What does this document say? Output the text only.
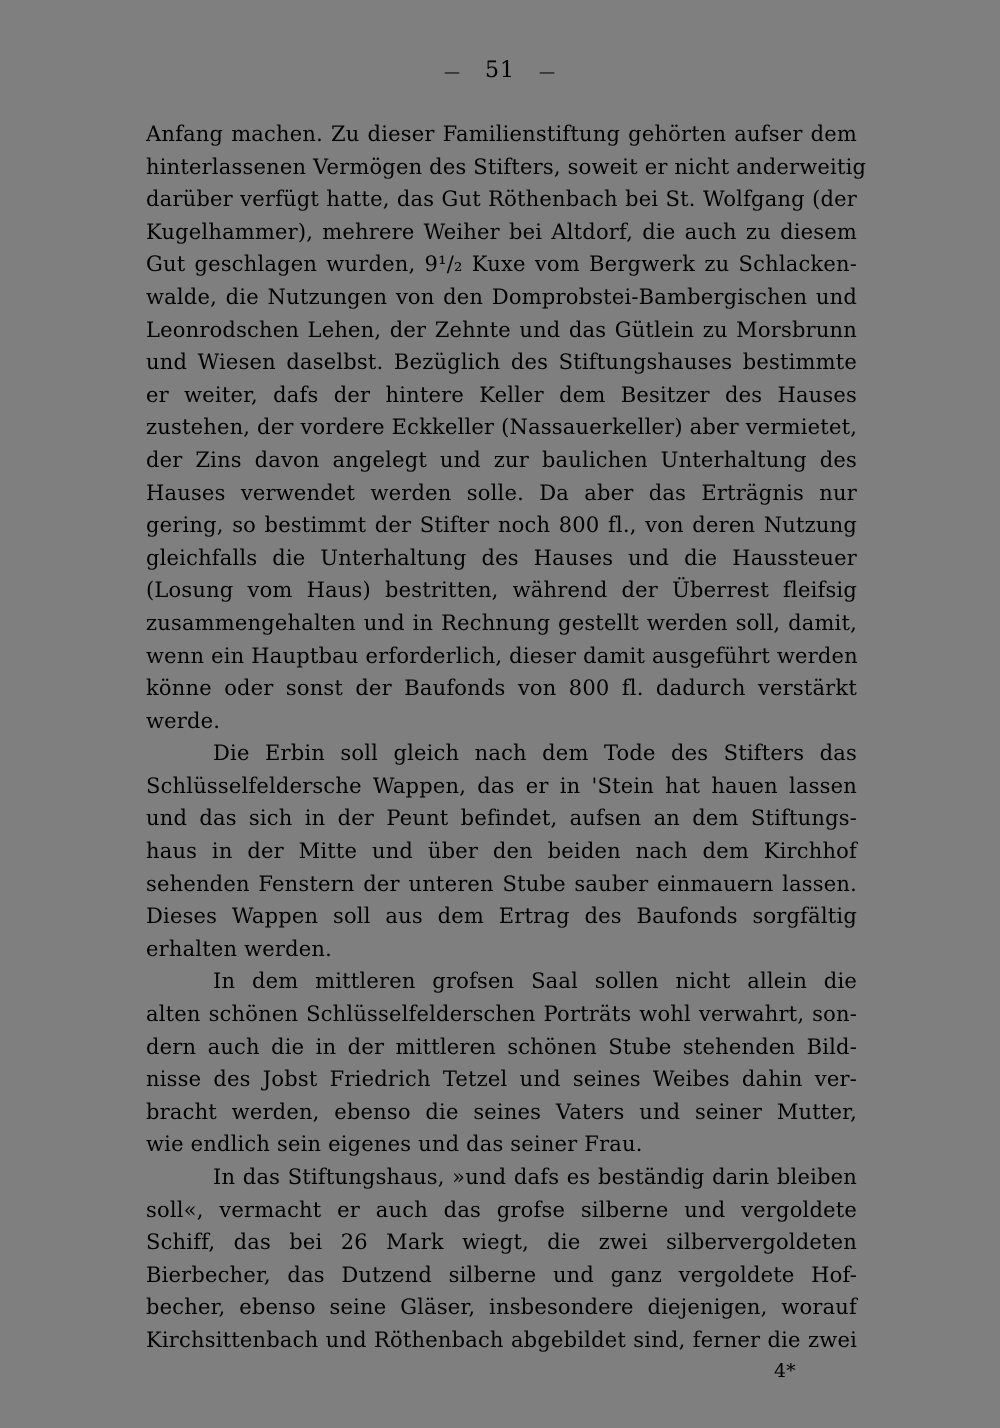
— 51 —
Anfang machen. Zu dieser Familienstiftung gehörten aufser dem
hinterlassenen Vermögen des Stifters, soweit er nicht anderweitig
darüber verfügt hatte, das Gut Röthenbach bei St. Wolfgang (der
Kugelhammer), mehrere Weiher bei Altdorf, die auch zu diesem
Gut geschlagen wurden, 9¹/₂ Kuxe vom Bergwerk zu Schlacken-
walde, die Nutzungen von den Domprobstei-Bambergischen und
Leonrodschen Lehen, der Zehnte und das Gütlein zu Morsbrunn
und Wiesen daselbst. Bezüglich des Stiftungshauses bestimmte
er weiter, dafs der hintere Keller dem Besitzer des Hauses
zustehen, der vordere Eckkeller (Nassauerkeller) aber vermietet,
der Zins davon angelegt und zur baulichen Unterhaltung des
Hauses verwendet werden solle. Da aber das Erträgnis nur
gering, so bestimmt der Stifter noch 800 fl., von deren Nutzung
gleichfalls die Unterhaltung des Hauses und die Haussteuer
(Losung vom Haus) bestritten, während der Überrest fleifsig
zusammengehalten und in Rechnung gestellt werden soll, damit,
wenn ein Hauptbau erforderlich, dieser damit ausgeführt werden
könne oder sonst der Baufonds von 800 fl. dadurch verstärkt
werde.
Die Erbin soll gleich nach dem Tode des Stifters das
Schlüsselfeldersche Wappen, das er in 'Stein hat hauen lassen
und das sich in der Peunt befindet, aufsen an dem Stiftungs-
haus in der Mitte und über den beiden nach dem Kirchhof
sehenden Fenstern der unteren Stube sauber einmauern lassen.
Dieses Wappen soll aus dem Ertrag des Baufonds sorgfältig
erhalten werden.
In dem mittleren grofsen Saal sollen nicht allein die
alten schönen Schlüsselfelderschen Porträts wohl verwahrt, son-
dern auch die in der mittleren schönen Stube stehenden Bild-
nisse des Jobst Friedrich Tetzel und seines Weibes dahin ver-
bracht werden, ebenso die seines Vaters und seiner Mutter,
wie endlich sein eigenes und das seiner Frau.
In das Stiftungshaus, »und dafs es beständig darin bleiben
soll«, vermacht er auch das grofse silberne und vergoldete
Schiff, das bei 26 Mark wiegt, die zwei silbervergoldeten
Bierbecher, das Dutzend silberne und ganz vergoldete Hof-
becher, ebenso seine Gläser, insbesondere diejenigen, worauf
Kirchsittenbach und Röthenbach abgebildet sind, ferner die zwei
4*
